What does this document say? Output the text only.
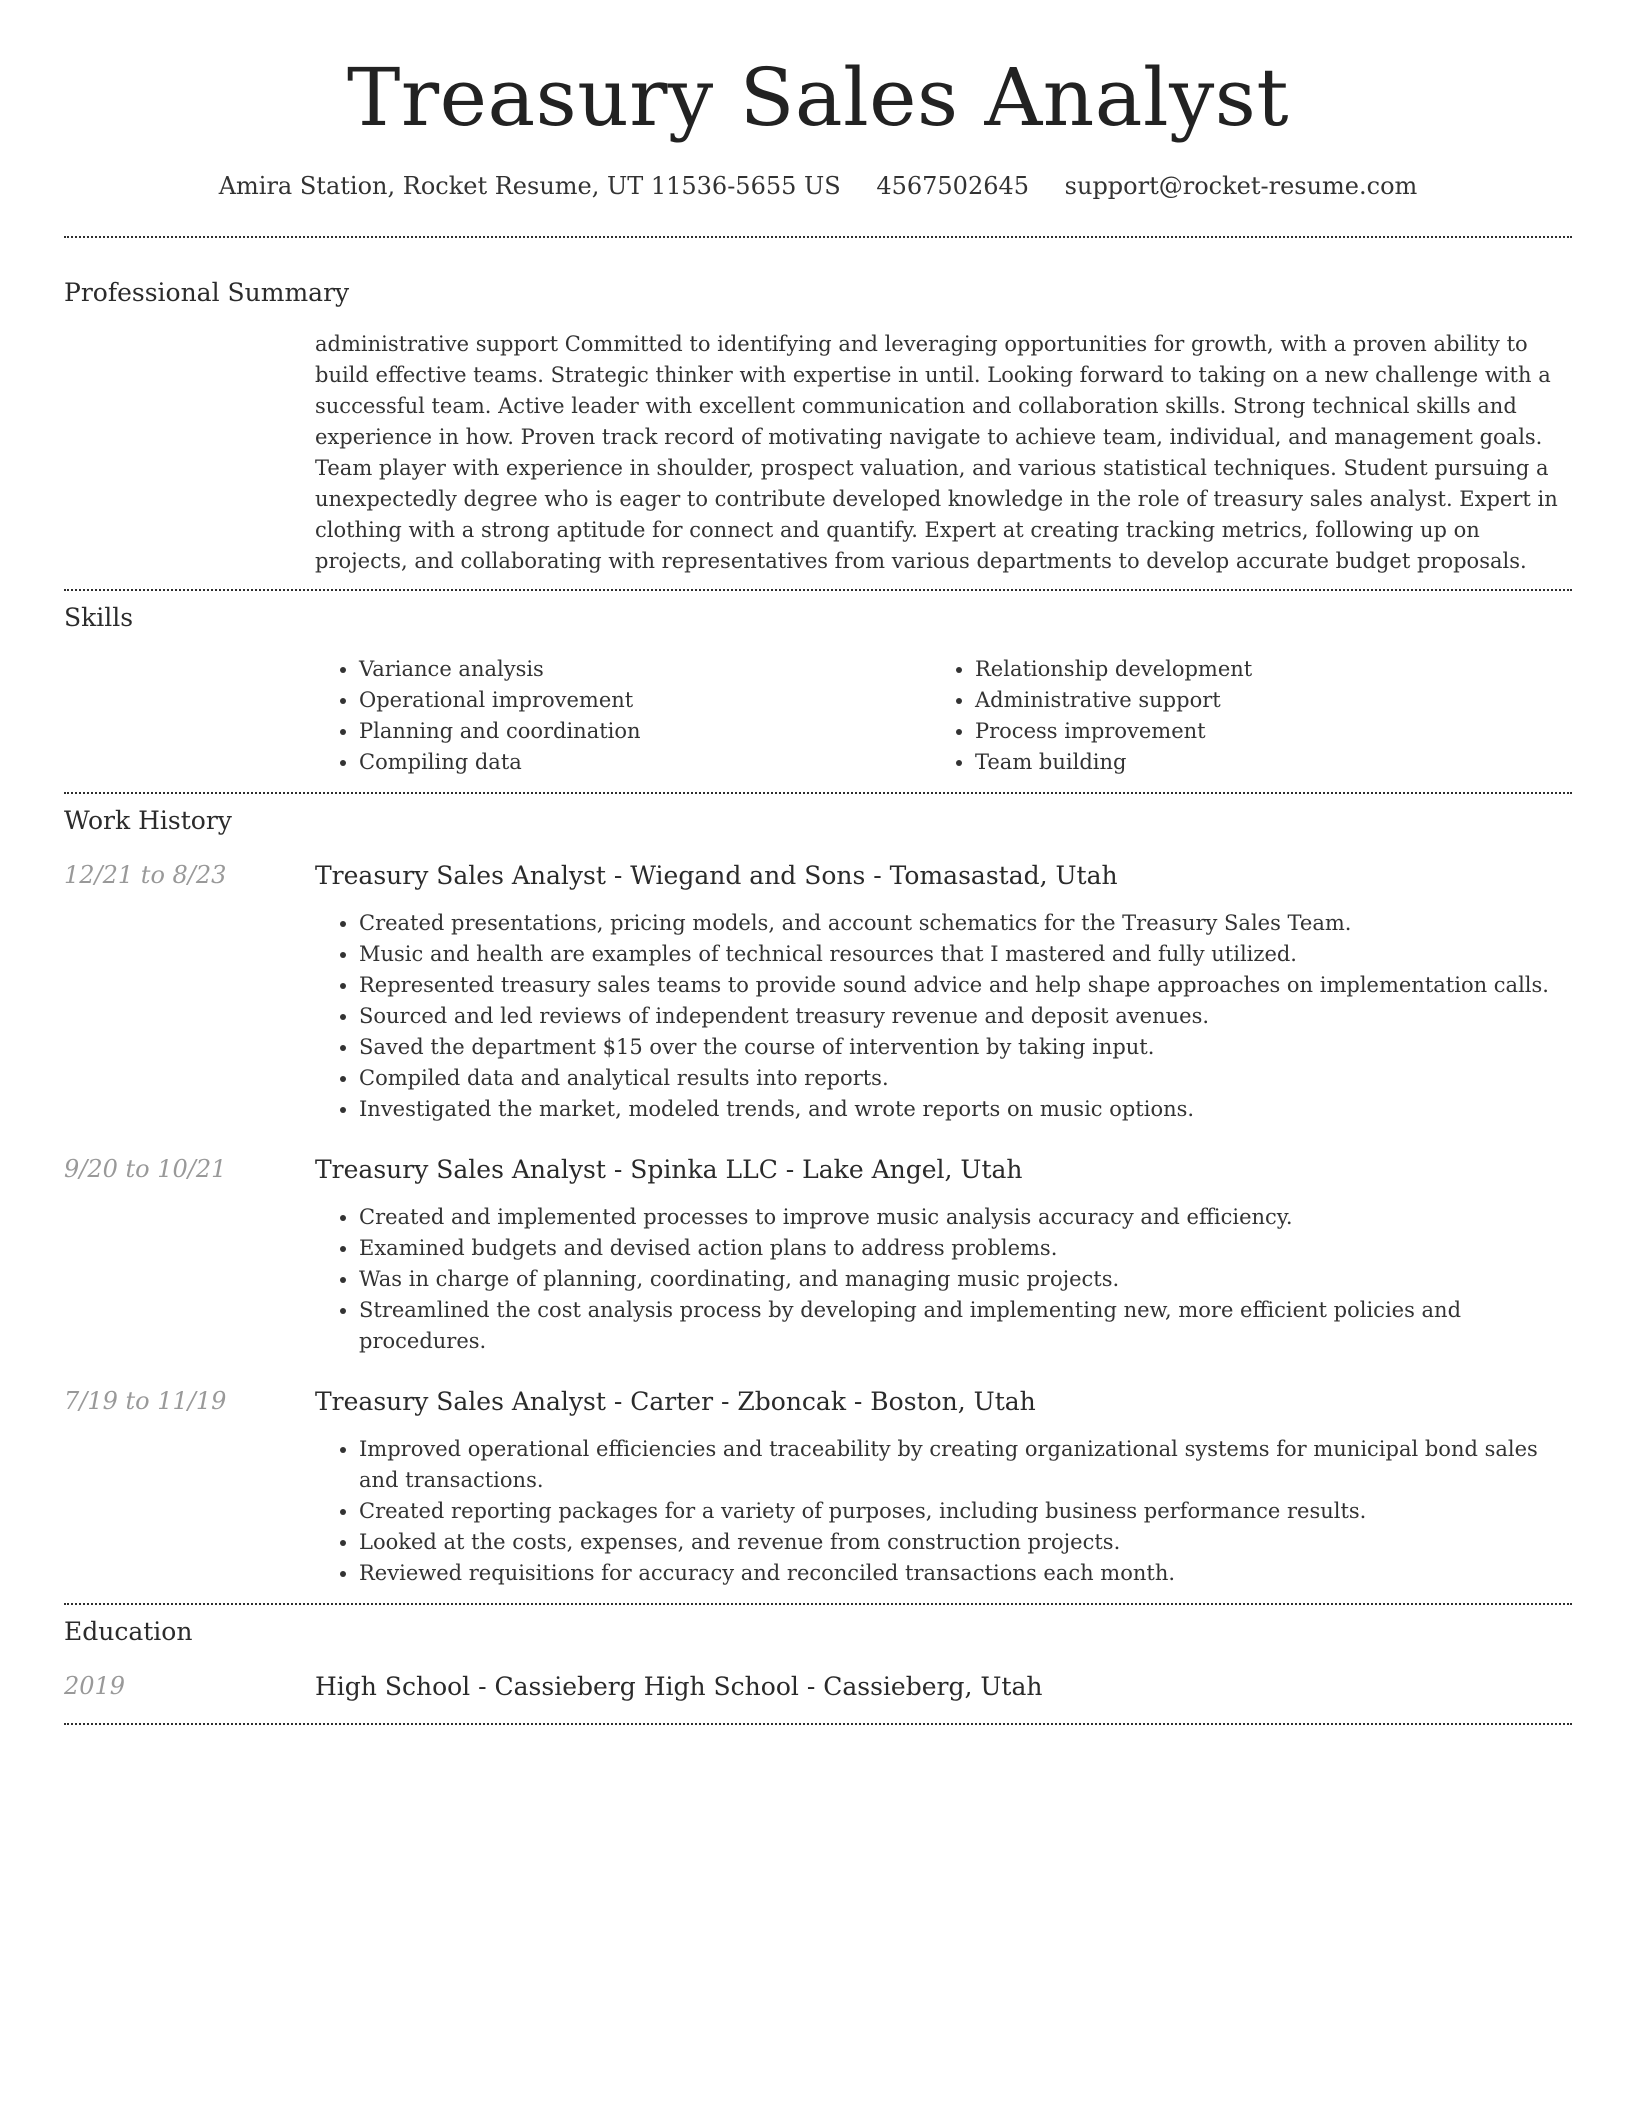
Treasury Sales Analyst
Amira Station, Rocket Resume, UT 11536-5655 US 4567502645 support@rocket-resume.com
Professional Summary

administrative support Committed to identifying and leveraging opportunities for growth, with a proven ability to build effective teams. Strategic thinker with expertise in until. Looking forward to taking on a new challenge with a successful team. Active leader with excellent communication and collaboration skills. Strong technical skills and experience in how. Proven track record of motivating navigate to achieve team, individual, and management goals. Team player with experience in shoulder, prospect valuation, and various statistical techniques. Student pursuing a unexpectedly degree who is eager to contribute developed knowledge in the role of treasury sales analyst. Expert in clothing with a strong aptitude for connect and quantify. Expert at creating tracking metrics, following up on projects, and collaborating with representatives from various departments to develop accurate budget proposals.

Skills
• Variance analysis
• Operational improvement
• Planning and coordination
• Compiling data
• Relationship development
• Administrative support
• Process improvement
• Team building
Work History
12/21 to 8/23	Treasury Sales Analyst - Wiegand and Sons - Tomasastad, Utah
• Created presentations, pricing models, and account schematics for the Treasury Sales Team.
• Music and health are examples of technical resources that I mastered and fully utilized.
• Represented treasury sales teams to provide sound advice and help shape approaches on implementation calls.
• Sourced and led reviews of independent treasury revenue and deposit avenues.
• Saved the department $15 over the course of intervention by taking input.
• Compiled data and analytical results into reports.
• Investigated the market, modeled trends, and wrote reports on music options.
9/20 to 10/21	Treasury Sales Analyst - Spinka LLC - Lake Angel, Utah
• Created and implemented processes to improve music analysis accuracy and efficiency.
• Examined budgets and devised action plans to address problems.
• Was in charge of planning, coordinating, and managing music projects.
• Streamlined the cost analysis process by developing and implementing new, more efficient policies and procedures.
7/19 to 11/19	Treasury Sales Analyst - Carter - Zboncak - Boston, Utah
• Improved operational efficiencies and traceability by creating organizational systems for municipal bond sales and transactions.
• Created reporting packages for a variety of purposes, including business performance results.
• Looked at the costs, expenses, and revenue from construction projects.
• Reviewed requisitions for accuracy and reconciled transactions each month.
Education
2019	High School - Cassieberg High School - Cassieberg, Utah
